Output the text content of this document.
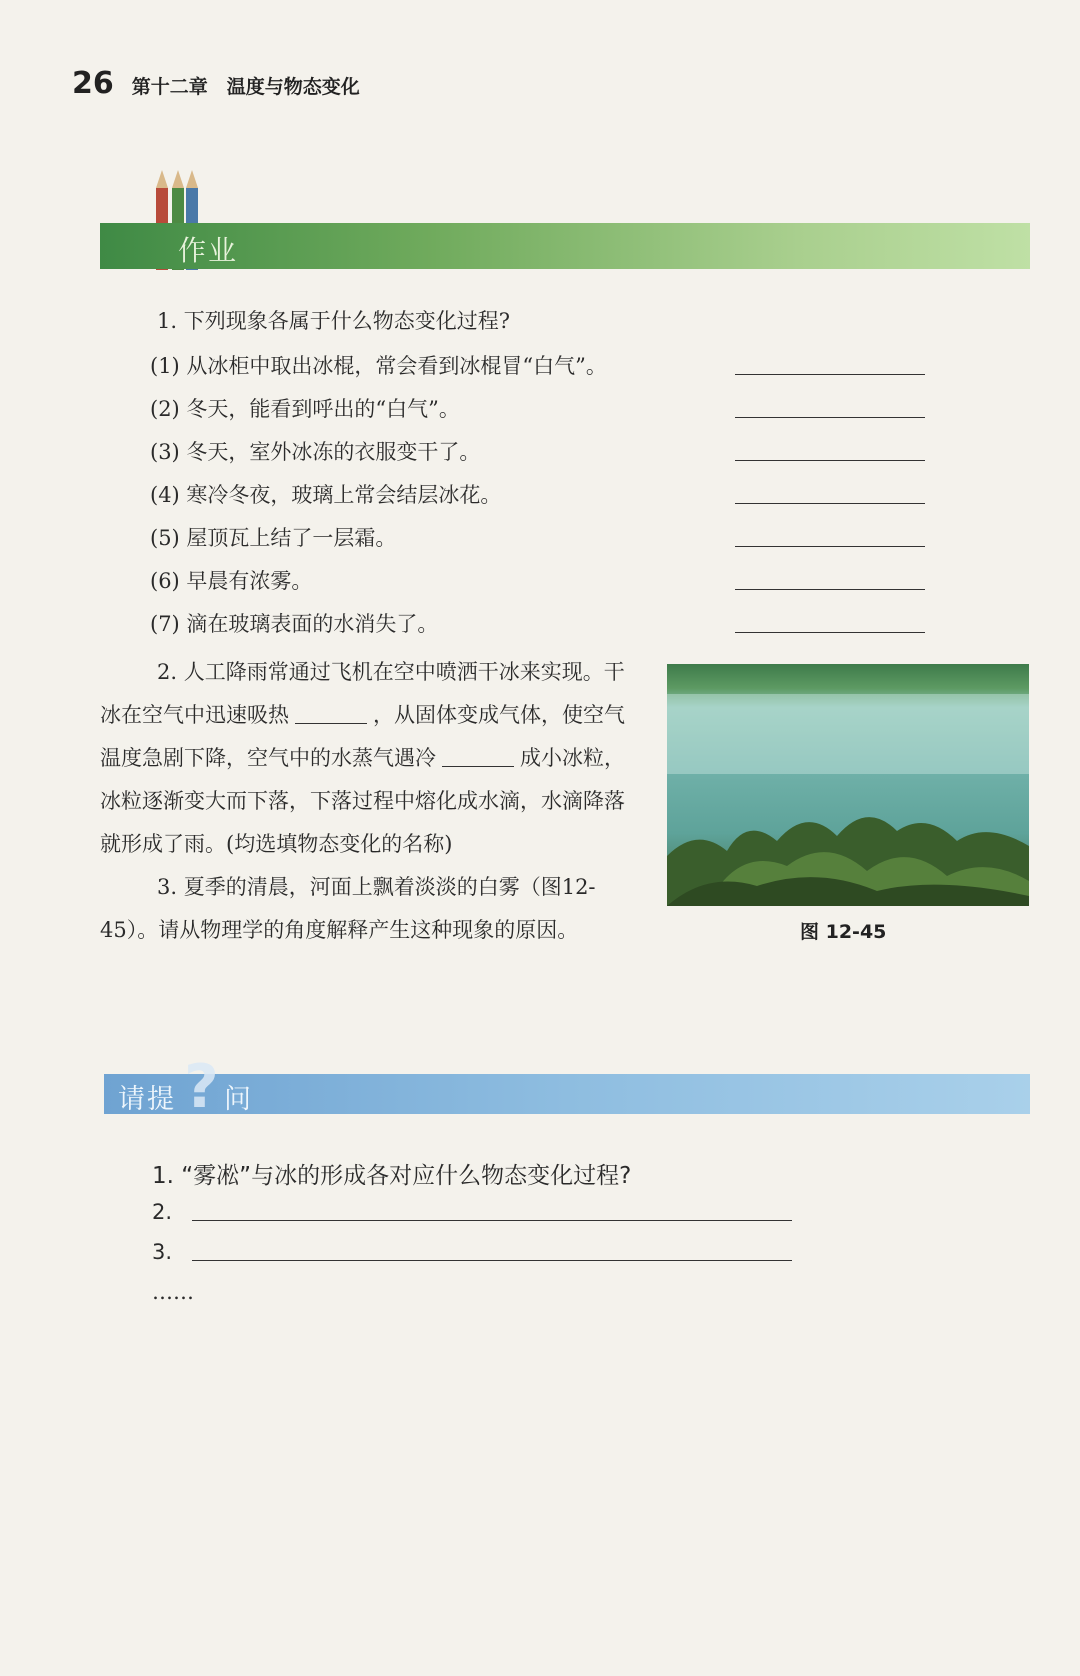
26 第十二章　温度与物态变化
作业
1. 下列现象各属于什么物态变化过程?
(1) 从冰柜中取出冰棍，常会看到冰棍冒“白气”。
(2) 冬天，能看到呼出的“白气”。
(3) 冬天，室外冰冻的衣服变干了。
(4) 寒冷冬夜，玻璃上常会结层冰花。
(5) 屋顶瓦上结了一层霜。
(6) 早晨有浓雾。
(7) 滴在玻璃表面的水消失了。
2. 人工降雨常通过飞机在空中喷洒干冰来实现。干冰在空气中迅速吸热	，从固体变成气体，使空气温度急剧下降，空气中的水蒸气遇冷	成小冰粒，冰粒逐渐变大而下落，下落过程中熔化成水滴，水滴降落就形成了雨。(均选填物态变化的名称)
3. 夏季的清晨，河面上飘着淡淡的白雾（图12-45）。请从物理学的角度解释产生这种现象的原因。	图 12-45
请提 ? 问
1. “雾凇”与冰的形成各对应什么物态变化过程?
2.
3.
……
